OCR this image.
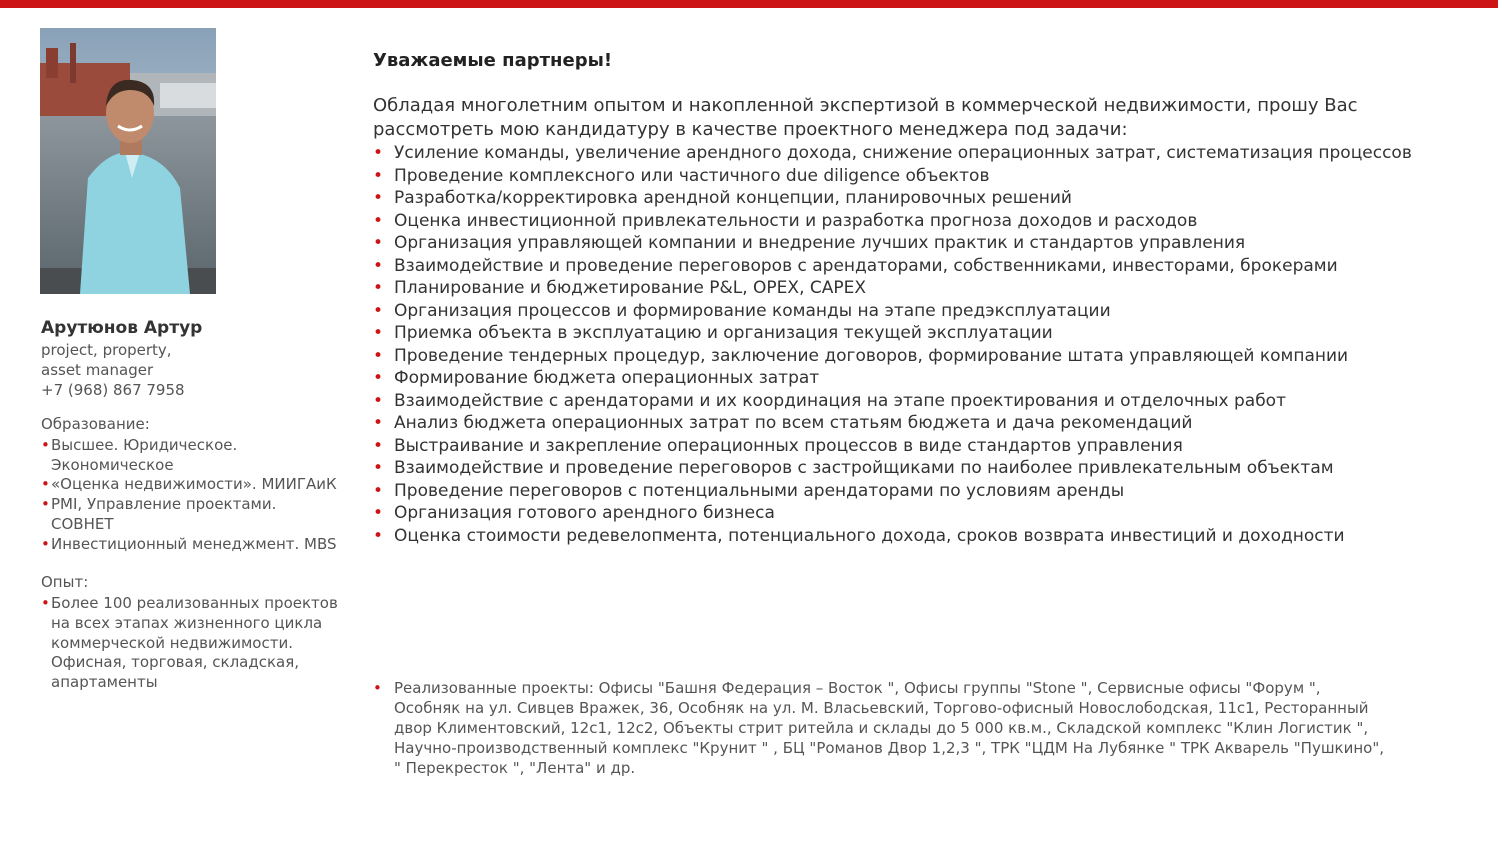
Арутюнов Артур
project, property,
asset manager
+7 (968) 867 7958
Образование:
• Высшее. Юридическое. Экономическое
• «Оценка недвижимости». МИИГАиК
• PMI, Управление проектами. СОВНЕТ
• Инвестиционный менеджмент. MBS
Опыт:
• Более 100 реализованных проектов на всех этапах жизненного цикла коммерческой недвижимости. Офисная, торговая, складская, апартаменты
Уважаемые партнеры!
Обладая многолетним опытом и накопленной экспертизой в коммерческой недвижимости, прошу Вас рассмотреть мою кандидатуру в качестве проектного менеджера под задачи:
• Усиление команды, увеличение арендного дохода, снижение операционных затрат, систематизация процессов
• Проведение комплексного или частичного due diligence объектов
• Разработка/корректировка арендной концепции, планировочных решений
• Оценка инвестиционной привлекательности и разработка прогноза доходов и расходов
• Организация управляющей компании и внедрение лучших практик и стандартов управления
• Взаимодействие и проведение переговоров с арендаторами, собственниками, инвесторами, брокерами
• Планирование и бюджетирование P&L, OPEX, CAPEX
• Организация процессов и формирование команды на этапе предэксплуатации
• Приемка объекта в эксплуатацию и организация текущей эксплуатации
• Проведение тендерных процедур, заключение договоров, формирование штата управляющей компании
• Формирование бюджета операционных затрат
• Взаимодействие с арендаторами и их координация на этапе проектирования и отделочных работ
• Анализ бюджета операционных затрат по всем статьям бюджета и дача рекомендаций
• Выстраивание и закрепление операционных процессов в виде стандартов управления
• Взаимодействие и проведение переговоров с застройщиками по наиболее привлекательным объектам
• Проведение переговоров с потенциальными арендаторами по условиям аренды
• Организация готового арендного бизнеса
• Оценка стоимости редевелопмента, потенциального дохода, сроков возврата инвестиций и доходности
• Реализованные проекты: Офисы "Башня Федерация – Восток ", Офисы группы "Stone ", Сервисные офисы "Форум ", Особняк на ул. Сивцев Вражек, 36, Особняк на ул. М. Власьевский, Торгово-офисный Новослободская, 11с1, Ресторанный двор Климентовский, 12с1, 12с2, Объекты стрит ритейла и склады до 5 000 кв.м., Складской комплекс "Клин Логистик ", Научно-производственный комплекс "Крунит " , БЦ "Романов Двор 1,2,3 ", ТРК "ЦДМ На Лубянке " ТРК Акварель "Пушкино", " Перекресток ", "Лента" и др.
